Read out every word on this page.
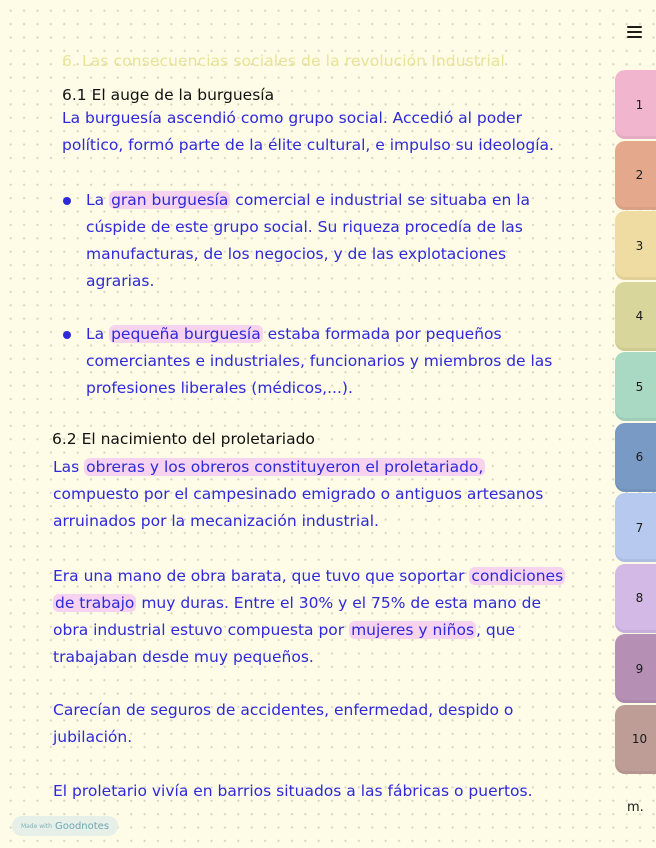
6. Las consecuencias sociales de la revolución Industrial
6.1 El auge de la burguesía
La burguesía ascendió como grupo social. Accedió al poder
político, formó parte de la élite cultural, e impulso su ideología.
La gran burguesía comercial e industrial se situaba en la
cúspide de este grupo social. Su riqueza procedía de las
manufacturas, de los negocios, y de las explotaciones
agrarias.
La pequeña burguesía estaba formada por pequeños
comerciantes e industriales, funcionarios y miembros de las
profesiones liberales (médicos,...).
6.2 El nacimiento del proletariado
Las obreras y los obreros constituyeron el proletariado,
compuesto por el campesinado emigrado o antiguos artesanos
arruinados por la mecanización industrial.
Era una mano de obra barata, que tuvo que soportar condiciones
de trabajo muy duras. Entre el 30% y el 75% de esta mano de
obra industrial estuvo compuesta por mujeres y niños , que
trabajaban desde muy pequeños.
Carecían de seguros de accidentes, enfermedad, despido o
jubilación.
El proletario vivía en barrios situados a las fábricas o puertos.
1
2
3
4
5
6
7
8
9
10
m.
Made with Goodnotes
